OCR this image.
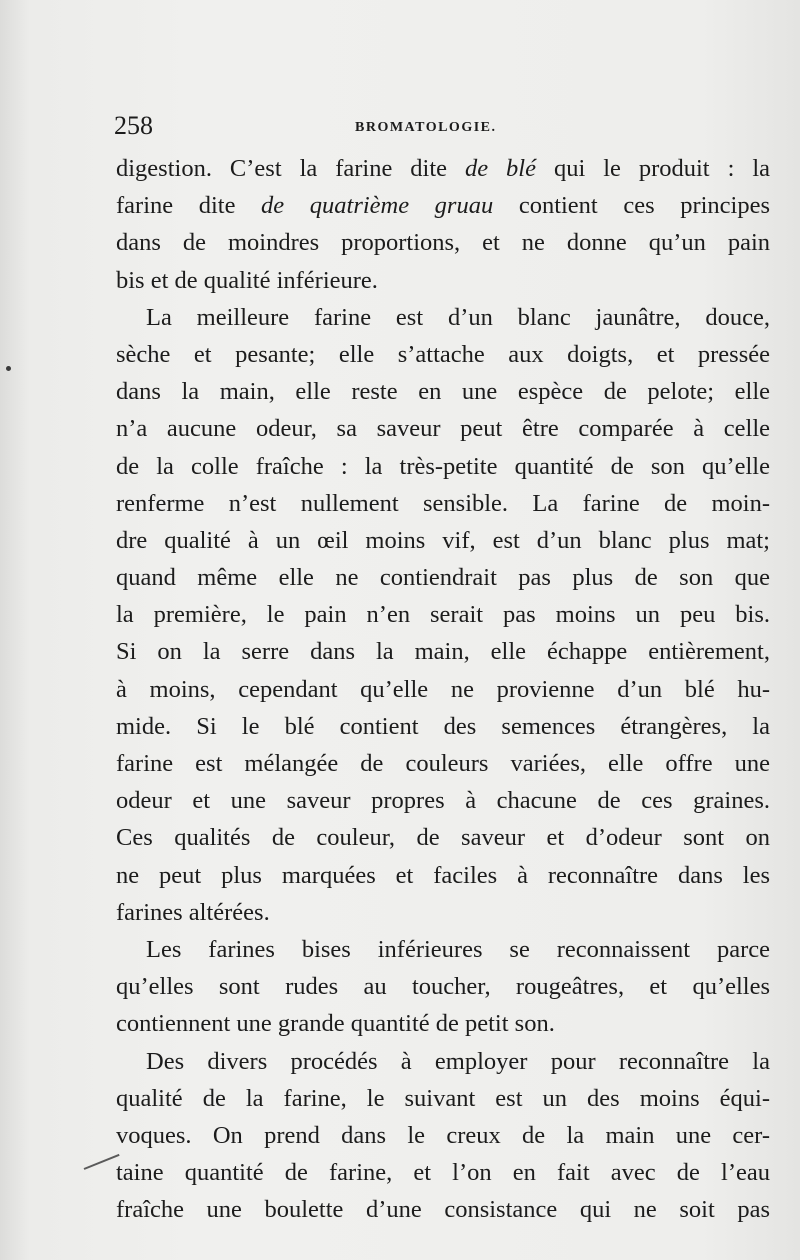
258	BROMATOLOGIE.
digestion. C’est la farine dite de blé qui le produit : la
farine dite de quatrième gruau contient ces principes
dans de moindres proportions, et ne donne qu’un pain
bis et de qualité inférieure.
La meilleure farine est d’un blanc jaunâtre, douce,
sèche et pesante; elle s’attache aux doigts, et pressée
dans la main, elle reste en une espèce de pelote; elle
n’a aucune odeur, sa saveur peut être comparée à celle
de la colle fraîche : la très-petite quantité de son qu’elle
renferme n’est nullement sensible. La farine de moin-
dre qualité à un œil moins vif, est d’un blanc plus mat;
quand même elle ne contiendrait pas plus de son que
la première, le pain n’en serait pas moins un peu bis.
Si on la serre dans la main, elle échappe entièrement,
à moins, cependant qu’elle ne provienne d’un blé hu-
mide. Si le blé contient des semences étrangères, la
farine est mélangée de couleurs variées, elle offre une
odeur et une saveur propres à chacune de ces graines.
Ces qualités de couleur, de saveur et d’odeur sont on
ne peut plus marquées et faciles à reconnaître dans les
farines altérées.
Les farines bises inférieures se reconnaissent parce
qu’elles sont rudes au toucher, rougeâtres, et qu’elles
contiennent une grande quantité de petit son.
Des divers procédés à employer pour reconnaître la
qualité de la farine, le suivant est un des moins équi-
voques. On prend dans le creux de la main une cer-
taine quantité de farine, et l’on en fait avec de l’eau
fraîche une boulette d’une consistance qui ne soit pas
